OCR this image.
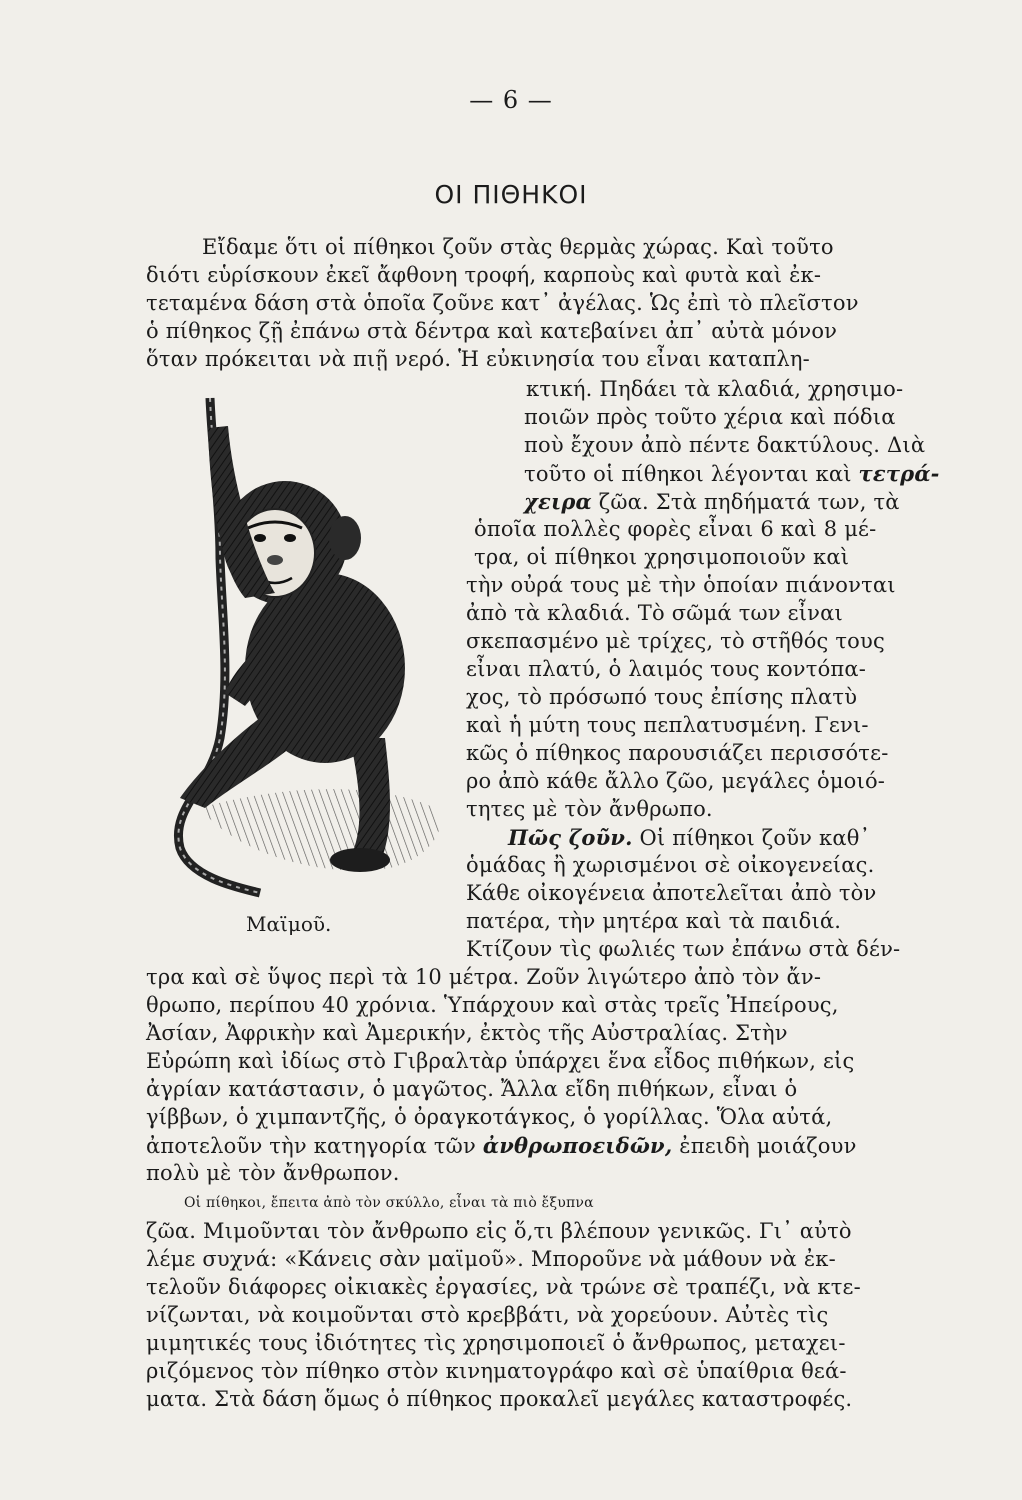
— 6 —
ΟΙ ΠΙΘΗΚΟΙ
Εἴδαμε ὅτι οἱ πίθηκοι ζοῦν στὰς θερμὰς χώρας. Καὶ τοῦτο
διότι εὑρίσκουν ἐκεῖ ἄφθονη τροφή, καρποὺς καὶ φυτὰ καὶ ἐκ-
τεταμένα δάση στὰ ὁποῖα ζοῦνε κατ᾽ ἀγέλας. Ὡς ἐπὶ τὸ πλεῖστον
ὁ πίθηκος ζῇ ἐπάνω στὰ δέντρα καὶ κατεβαίνει ἀπ᾽ αὐτὰ μόνον
ὅταν πρόκειται νὰ πιῇ νερό. Ἡ εὐκινησία του εἶναι καταπλη-
κτική. Πηδάει τὰ κλαδιά, χρησιμο-
ποιῶν πρὸς τοῦτο χέρια καὶ πόδια
ποὺ ἔχουν ἀπὸ πέντε δακτύλους. Διὰ
τοῦτο οἱ πίθηκοι λέγονται καὶ τετρά-
χειρα ζῶα. Στὰ πηδήματά των, τὰ
ὁποῖα πολλὲς φορὲς εἶναι 6 καὶ 8 μέ-
τρα, οἱ πίθηκοι χρησιμοποιοῦν καὶ
τὴν οὐρά τους μὲ τὴν ὁποίαν πιάνονται
ἀπὸ τὰ κλαδιά. Τὸ σῶμά των εἶναι
σκεπασμένο μὲ τρίχες, τὸ στῆθός τους
εἶναι πλατύ, ὁ λαιμός τους κοντόπα-
χος, τὸ πρόσωπό τους ἐπίσης πλατὺ
καὶ ἡ μύτη τους πεπλατυσμένη. Γενι-
κῶς ὁ πίθηκος παρουσιάζει περισσότε-
ρο ἀπὸ κάθε ἄλλο ζῶο, μεγάλες ὁμοιό-
τητες μὲ τὸν ἄνθρωπο.
Πῶς ζοῦν. Οἱ πίθηκοι ζοῦν καθ᾽
ὁμάδας ἢ χωρισμένοι σὲ οἰκογενείας.
Κάθε οἰκογένεια ἀποτελεῖται ἀπὸ τὸν
πατέρα, τὴν μητέρα καὶ τὰ παιδιά.
Κτίζουν τὶς φωλιές των ἐπάνω στὰ δέν-
Μαϊμοῦ.
τρα καὶ σὲ ὕψος περὶ τὰ 10 μέτρα. Ζοῦν λιγώτερο ἀπὸ τὸν ἄν-
θρωπο, περίπου 40 χρόνια. Ὑπάρχουν καὶ στὰς τρεῖς Ἠπείρους,
Ἀσίαν, Ἀφρικὴν καὶ Ἀμερικήν, ἐκτὸς τῆς Αὐστραλίας. Στὴν
Εὐρώπη καὶ ἰδίως στὸ Γιβραλτὰρ ὑπάρχει ἕνα εἶδος πιθήκων, εἰς
ἀγρίαν κατάστασιν, ὁ μαγῶτος. Ἄλλα εἴδη πιθήκων, εἶναι ὁ
γίββων, ὁ χιμπαντζῆς, ὁ ὀραγκοτάγκος, ὁ γορίλλας. Ὅλα αὐτά,
ἀποτελοῦν τὴν κατηγορία τῶν ἀνθρωποειδῶν, ἐπειδὴ μοιάζουν
πολὺ μὲ τὸν ἄνθρωπον.
Οἱ πίθηκοι, ἔπειτα ἀπὸ τὸν σκύλλο, εἶναι τὰ πιὸ ἔξυπνα
ζῶα. Μιμοῦνται τὸν ἄνθρωπο εἰς ὅ,τι βλέπουν γενικῶς. Γι᾽ αὐτὸ
λέμε συχνά: «Κάνεις σὰν μαϊμοῦ». Μποροῦνε νὰ μάθουν νὰ ἐκ-
τελοῦν διάφορες οἰκιακὲς ἐργασίες, νὰ τρώνε σὲ τραπέζι, νὰ κτε-
νίζωνται, νὰ κοιμοῦνται στὸ κρεββάτι, νὰ χορεύουν. Αὐτὲς τὶς
μιμητικές τους ἰδιότητες τὶς χρησιμοποιεῖ ὁ ἄνθρωπος, μεταχει-
ριζόμενος τὸν πίθηκο στὸν κινηματογράφο καὶ σὲ ὑπαίθρια θεά-
ματα. Στὰ δάση ὅμως ὁ πίθηκος προκαλεῖ μεγάλες καταστροφές.
